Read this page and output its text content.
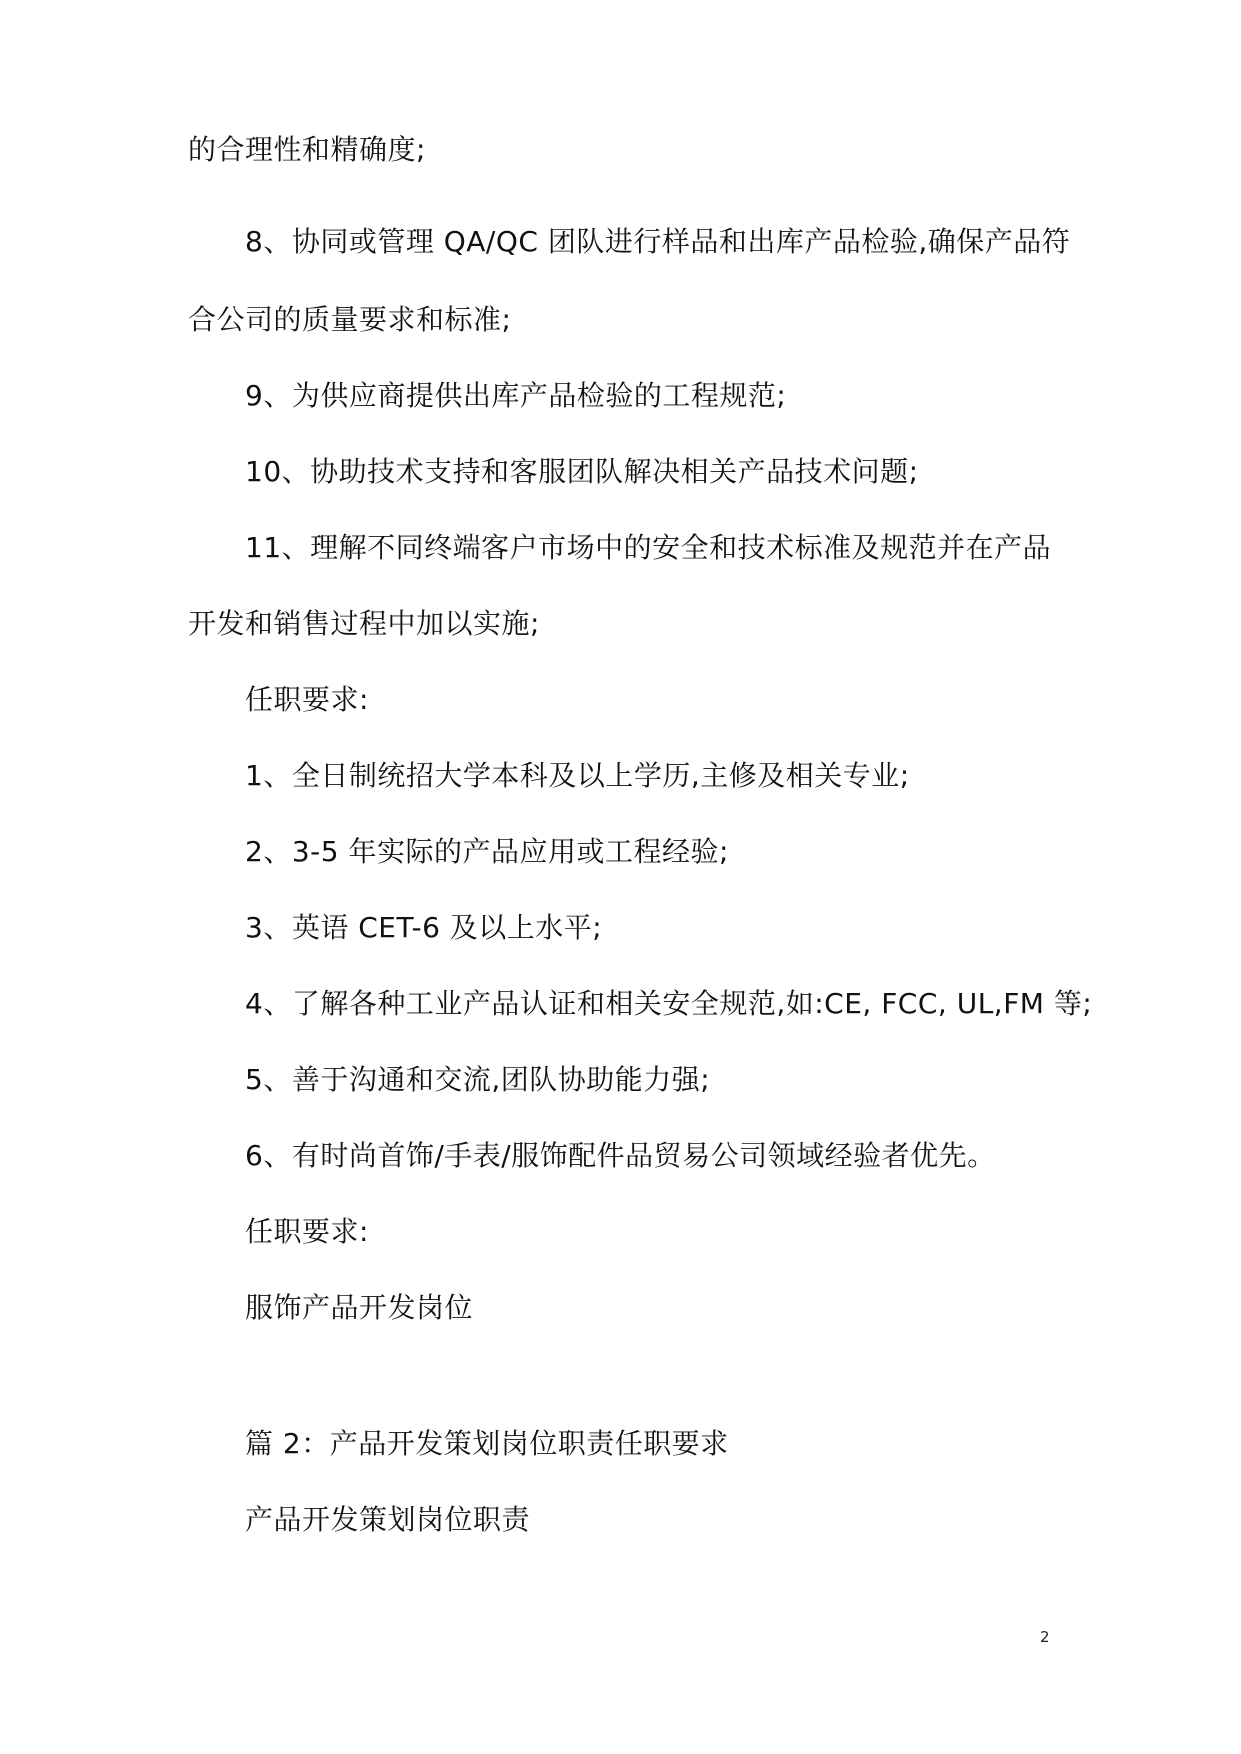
的合理性和精确度;
8、协同或管理 QA/QC 团队进行样品和出库产品检验,确保产品符
合公司的质量要求和标准;
9、为供应商提供出库产品检验的工程规范;
10、协助技术支持和客服团队解决相关产品技术问题;
11、理解不同终端客户市场中的安全和技术标准及规范并在产品
开发和销售过程中加以实施;
任职要求:
1、全日制统招大学本科及以上学历,主修及相关专业;
2、3-5 年实际的产品应用或工程经验;
3、英语 CET-6 及以上水平;
4、了解各种工业产品认证和相关安全规范,如:CE, FCC, UL,FM 等;
5、善于沟通和交流,团队协助能力强;
6、有时尚首饰/手表/服饰配件品贸易公司领域经验者优先。
任职要求:
服饰产品开发岗位
篇 2：产品开发策划岗位职责任职要求
产品开发策划岗位职责
2
